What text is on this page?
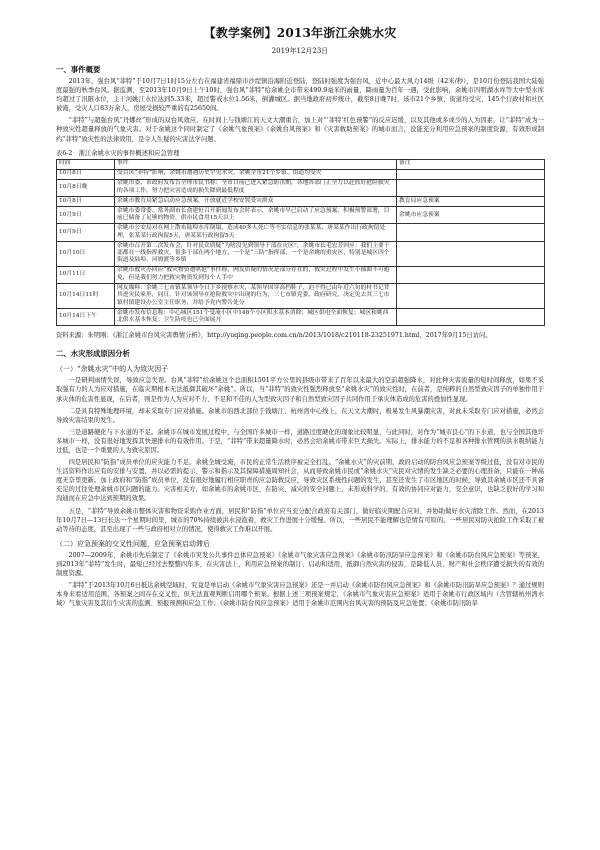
【教学案例】2013年浙江余姚水灾
2019年12月23日
一、事件概要

2013年，强台风“菲特”于10月7日1时15分左右在福建省福鼎市沙埕镇沿海附近登陆，登陆时强度为强台风，近中心最大风力14级（42米/秒），是10月份登陆我国大陆强度最强的秋季台风。据监测，至2013年10月9日上午10时，强台风“菲特”给余姚全市带来499.9毫米的雨量，降雨量为百年一遇，受此影响，余姚市四明湖水库等大中型水库均超过了汛限水位，主干河姚江水位达到5.33米，超过警戒水位1.56米，倒灌城区。据当地政府初步统计，截至8日晚7时，该市21个乡镇、街道均受灾，145个行政村和社区被淹，受灾人口83万余人，房屋受损较严重的有25650间。

“菲特”与超强台风“丹娜丝”形成的双台风效应，在时间上与钱塘江的天文大潮重合，加上对“‘菲特’红色预警”的反应迟缓，以及其他或多或少的人为因素，让“菲特”成为一种致灾性超量释放的气象灾害。对于余姚这个同时制定了《余姚气象预案》《余姚台风预案》和《灾害救助预案》的城市而言，没能充分利用应急预案的制度资源，有效形成制约“菲特”致灾性的法律效用，是令人生疑的灾害法学问题。

表6-2　浙江余姚水灾的事件概述和应急管理
时间	事件	备注
10月8日	受台风“菲特”影响，余姚市遭遇历史罕见水灾，余姚全市21个乡镇、街道均受灾	
10月8日晚	余姚市委、市政府发布告全体市民书称：全市目前已进入紧急防汛期，各地各部门正全力以赴抓好抢险救灾的各项工作，努力把灾害造成的损失降到最低程度	
10月8日	余姚市教育局紧急启动应急预案，开放就近学校安置受灾群众	教育局应急预案
10月9日	余姚市委常委、常务副市长俞建恒召开新闻发布会时表示，余姚市早已启动了应急预案，积极预警部署，目前已储备了足够的物资，供市民食用15天以上	余姚市应急预案
10月9日	余姚市公安局对在网上散布陆埠水库倒塌，造成40多人死亡等不实信息的张某某、唐某某作出行政拘留处理，张某某行政拘留5天，唐某某行政拘留5天	
10月10日	余姚市召开第二次发布会，针对民众质疑“为啥没见到领导干部在灾区”，余姚市长毛宏芳回应：我们主要干部都在一线指挥救灾，很多干部在两个地方，一个是“三防”指挥部，一个是余姚的重灾区，特别是城区四个街道及陆埠、河姆渡等乡镇	
10月11日	余姚市救灾办回应“救灾物资遭哄抢”事件称，网友质疑的情况是部分存在的，救灾过程中发生小插曲不可避免，但是我们努力把救灾物资发到每个人手中	
10月14日11时	网友爆料：余姚三七市镇某领导今日下乡视察水灾，某领导因穿高档鞋子，迫不得已由年近六旬的村书记背其进灾民家里，同日，针对该领导在抢险救灾中出现的行为，三七市镇党委、政府研究，决定免去其三七市镇村镇建设办公室主任职务，并给予党内警告处分	
10月14日下午	余姚市发布信息称：中心城区151个受淹小区中148个小区积水基本消除；城区供电全面恢复；城区和姚西北供水基本恢复；卫生防疫也已全面展开	
资料来源：朱明刚：《浙江余姚市台风灾害舆情分析》，http://yuqing.people.com.cn/n/2013/1018/c210118-23251971.html，2017年9月15日访问。
二、水灾形成原因分析
（一）“余姚水灾”中的人为致灾因子

一是研判雨情失误，导致应急失误。台风“菲特”给余姚这个总面积1501平方公里的县级市带来了百年以来最大的空前超强降水，对此种灾害流量的短时间释放，如果不采取强有力的人为应对措施，在临灾期根本无法抵御其破坏“余姚”。所以，当“菲特”的致灾性强烈释放至“余姚水灾”的致灾性时，在前者，是纯粹的自然型致灾因子的单独作用于承灾体的危害性显现，在后者，则是作为人为应对不力、不足和不佳的人为型致灾因子和自然型致灾因子共同作用于承灾体造成的危害的叠加性显现。

二是具有特殊地理环境，却未采取专门应对措施。余姚市的西北部位于钱塘江、杭州湾中心线上，在天文大潮时，极易发生风暴潮灾害，对此未采取专门应对措施，必然会导致灾害结果的发生。

三是道路硬化与下水道的不足。余姚市在城市发展过程中，与全国许多城市一样，道路过度硬化的现象比较明显，与此同时，对作为“城市良心”的下水道，也与全国其他许多城市一样，没有很好地发挥其快速排水的有效作用。于是，“菲特”带来超量降水时，必然会给余姚市带来巨大损失。实际上，排水能力的不足和各种排水管网的洪水吸纳能力过低，也是一个重要的人为致灾原因。

四是居民和“防指”成员单位的应灾能力不足。余姚全城受淹，市民的正常生活秩序被完全打乱。“余姚水灾”的灾前期，政府启动的防台风应急预案等级过低，没有对市民的生活资料作出应有的安排与安置，并以必需的提示、警示和指示及其保障措施周知社会，从而导致余姚市民或“余姚水灾”灾民对灾情的发生缺乏必要的心理准备，只能在一种高度无奈里更新。加上政府和“防指”成员单位，没有很好地履行相应职责的应急防救反应，导致灾区系统性问题的发生，甚至还发生了市区地区的时候，导致其余姚市区还不具备充足的过往处理余姚市区问题的能力。灾害相关方，如余姚市的余姚市区，在防灾、减灾的安全问题上，未形成科学的、有效的协同应对能力，安全意识，也缺乏很好的学习和沟通而在应急中达到预期的效果。

五是，“菲特”导致余姚市整体灾害和物资采购作业方面，居民和“防指”单位应当充分配合政府有关部门，做好临灾期配合应对、并协助做好水灾清除工作。然而，在2013年10月7日—13日长达一个星期时间里，城市的70%持续被洪水浸泡着，救灾工作进展十分缓慢。所以，一些居民不能理解也是情有可原的。一些居民对防灾抢险工作采取了被动等待的态度，甚至出现了一些与政府相对立的情况，使得救灾工作难以开展。

（二）应急预案的交叉性问题，应急预案启动滞后

2007—2009年，余姚市先后制定了《余姚市突发公共事件总体应急预案》《余姚市气象灾害应急预案》《余姚市防汛防旱应急预案》和《余姚市防台风应急预案》等预案，到2013年“菲特”发生时，最短已经过去整整四年多，在灾害法上，利用应急预案的制订、启动和适用，抵御自然灾害的侵害，是降低人员、财产和社会秩序遭受损失的有效的制度资源。

“菲特”于2013年10月6日抵达余姚空域时，究竟是单启动《余姚市气象灾害应急预案》还是一并启动《余姚市防台风应急预案》和《余姚市防汛防旱应急预案》？通过规则本身来看适用范围，各预案之间存在交叉性，但无法直观判断启用哪个预案。根据上述三项预案规定，《余姚市气象灾害应急预案》适用于余姚市行政区域内（含管辖杭州湾水域）气象灾害及其衍生灾害的监测、预报预测和应急工作；《余姚市防台风应急预案》适用于余姚市范围内台风灾害的预防及应急处置；《余姚市防汛防旱
